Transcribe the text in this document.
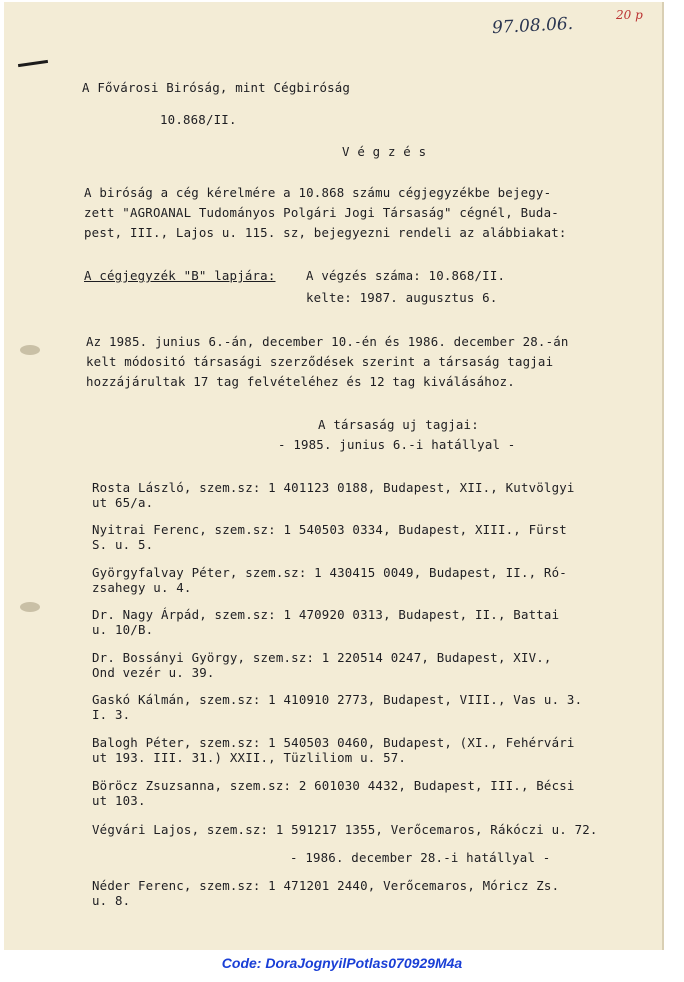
97.08.06.	20 p
A Fővárosi Biróság, mint Cégbiróság
10.868/II.
V é g z é s
A biróság a cég kérelmére a 10.868 számu cégjegyzékbe bejegy-
zett "AGROANAL Tudományos Polgári Jogi Társaság" cégnél, Buda-
pest, III., Lajos u. 115. sz, bejegyezni rendeli az alábbiakat:
A cégjegyzék "B" lapjára: A végzés száma: 10.868/II.
kelte: 1987. augusztus 6.
Az 1985. junius 6.-án, december 10.-én és 1986. december 28.-án
kelt módositó társasági szerződések szerint a társaság tagjai
hozzájárultak 17 tag felvételéhez és 12 tag kiválásához.
A társaság uj tagjai:
- 1985. junius 6.-i hatállyal -
Rosta László, szem.sz: 1 401123 0188, Budapest, XII., Kutvölgyi
ut 65/a.
Nyitrai Ferenc, szem.sz: 1 540503 0334, Budapest, XIII., Fürst
S. u. 5.
Györgyfalvay Péter, szem.sz: 1 430415 0049, Budapest, II., Ró-
zsahegy u. 4.
Dr. Nagy Árpád, szem.sz: 1 470920 0313, Budapest, II., Battai
u. 10/B.
Dr. Bossányi György, szem.sz: 1 220514 0247, Budapest, XIV.,
Ond vezér u. 39.
Gaskó Kálmán, szem.sz: 1 410910 2773, Budapest, VIII., Vas u. 3.
I. 3.
Balogh Péter, szem.sz: 1 540503 0460, Budapest, (XI., Fehérvári
ut 193. III. 31.) XXII., Tüzliliom u. 57.
Böröcz Zsuzsanna, szem.sz: 2 601030 4432, Budapest, III., Bécsi
ut 103.
Végvári Lajos, szem.sz: 1 591217 1355, Verőcemaros, Rákóczi u. 72.
- 1986. december 28.-i hatállyal -
Néder Ferenc, szem.sz: 1 471201 2440, Verőcemaros, Móricz Zs.
u. 8.
Code: DoraJognyilPotlas070929M4a
